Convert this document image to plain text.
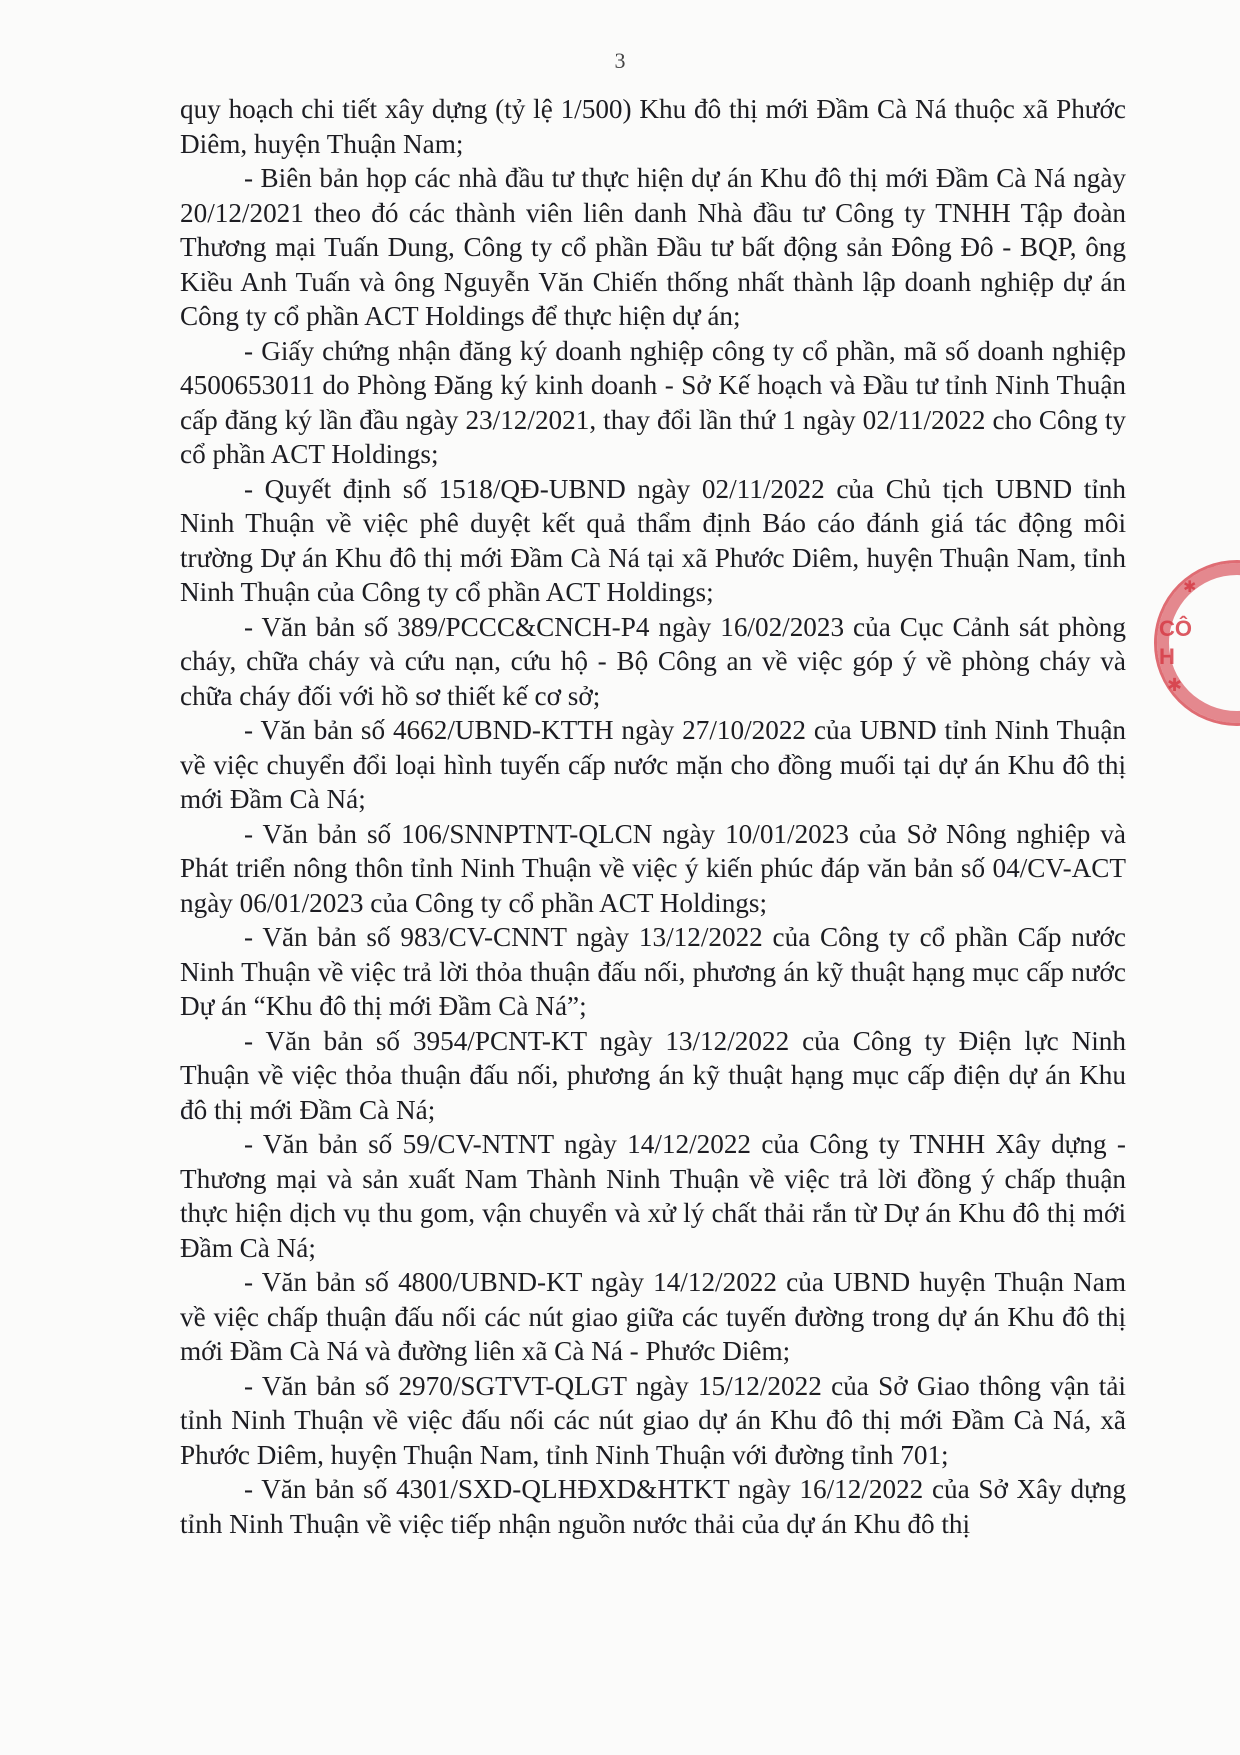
3

quy hoạch chi tiết xây dựng (tỷ lệ 1/500) Khu đô thị mới Đầm Cà Ná thuộc xã Phước Diêm, huyện Thuận Nam;

- Biên bản họp các nhà đầu tư thực hiện dự án Khu đô thị mới Đầm Cà Ná ngày 20/12/2021 theo đó các thành viên liên danh Nhà đầu tư Công ty TNHH Tập đoàn Thương mại Tuấn Dung, Công ty cổ phần Đầu tư bất động sản Đông Đô - BQP, ông Kiều Anh Tuấn và ông Nguyễn Văn Chiến thống nhất thành lập doanh nghiệp dự án Công ty cổ phần ACT Holdings để thực hiện dự án;

- Giấy chứng nhận đăng ký doanh nghiệp công ty cổ phần, mã số doanh nghiệp 4500653011 do Phòng Đăng ký kinh doanh - Sở Kế hoạch và Đầu tư tỉnh Ninh Thuận cấp đăng ký lần đầu ngày 23/12/2021, thay đổi lần thứ 1 ngày 02/11/2022 cho Công ty cổ phần ACT Holdings;

- Quyết định số 1518/QĐ-UBND ngày 02/11/2022 của Chủ tịch UBND tỉnh Ninh Thuận về việc phê duyệt kết quả thẩm định Báo cáo đánh giá tác động môi trường Dự án Khu đô thị mới Đầm Cà Ná tại xã Phước Diêm, huyện Thuận Nam, tỉnh Ninh Thuận của Công ty cổ phần ACT Holdings;

- Văn bản số 389/PCCC&CNCH-P4 ngày 16/02/2023 của Cục Cảnh sát phòng cháy, chữa cháy và cứu nạn, cứu hộ - Bộ Công an về việc góp ý về phòng cháy và chữa cháy đối với hồ sơ thiết kế cơ sở;

- Văn bản số 4662/UBND-KTTH ngày 27/10/2022 của UBND tỉnh Ninh Thuận về việc chuyển đổi loại hình tuyến cấp nước mặn cho đồng muối tại dự án Khu đô thị mới Đầm Cà Ná;

- Văn bản số 106/SNNPTNT-QLCN ngày 10/01/2023 của Sở Nông nghiệp và Phát triển nông thôn tỉnh Ninh Thuận về việc ý kiến phúc đáp văn bản số 04/CV-ACT ngày 06/01/2023 của Công ty cổ phần ACT Holdings;

- Văn bản số 983/CV-CNNT ngày 13/12/2022 của Công ty cổ phần Cấp nước Ninh Thuận về việc trả lời thỏa thuận đấu nối, phương án kỹ thuật hạng mục cấp nước Dự án “Khu đô thị mới Đầm Cà Ná”;

- Văn bản số 3954/PCNT-KT ngày 13/12/2022 của Công ty Điện lực Ninh Thuận về việc thỏa thuận đấu nối, phương án kỹ thuật hạng mục cấp điện dự án Khu đô thị mới Đầm Cà Ná;

- Văn bản số 59/CV-NTNT ngày 14/12/2022 của Công ty TNHH Xây dựng - Thương mại và sản xuất Nam Thành Ninh Thuận về việc trả lời đồng ý chấp thuận thực hiện dịch vụ thu gom, vận chuyển và xử lý chất thải rắn từ Dự án Khu đô thị mới Đầm Cà Ná;

- Văn bản số 4800/UBND-KT ngày 14/12/2022 của UBND huyện Thuận Nam về việc chấp thuận đấu nối các nút giao giữa các tuyến đường trong dự án Khu đô thị mới Đầm Cà Ná và đường liên xã Cà Ná - Phước Diêm;

- Văn bản số 2970/SGTVT-QLGT ngày 15/12/2022 của Sở Giao thông vận tải tỉnh Ninh Thuận về việc đấu nối các nút giao dự án Khu đô thị mới Đầm Cà Ná, xã Phước Diêm, huyện Thuận Nam, tỉnh Ninh Thuận với đường tỉnh 701;

- Văn bản số 4301/SXD-QLHĐXD&HTKT ngày 16/12/2022 của Sở Xây dựng tỉnh Ninh Thuận về việc tiếp nhận nguồn nước thải của dự án Khu đô thị

✱
CÔ
H
✱
